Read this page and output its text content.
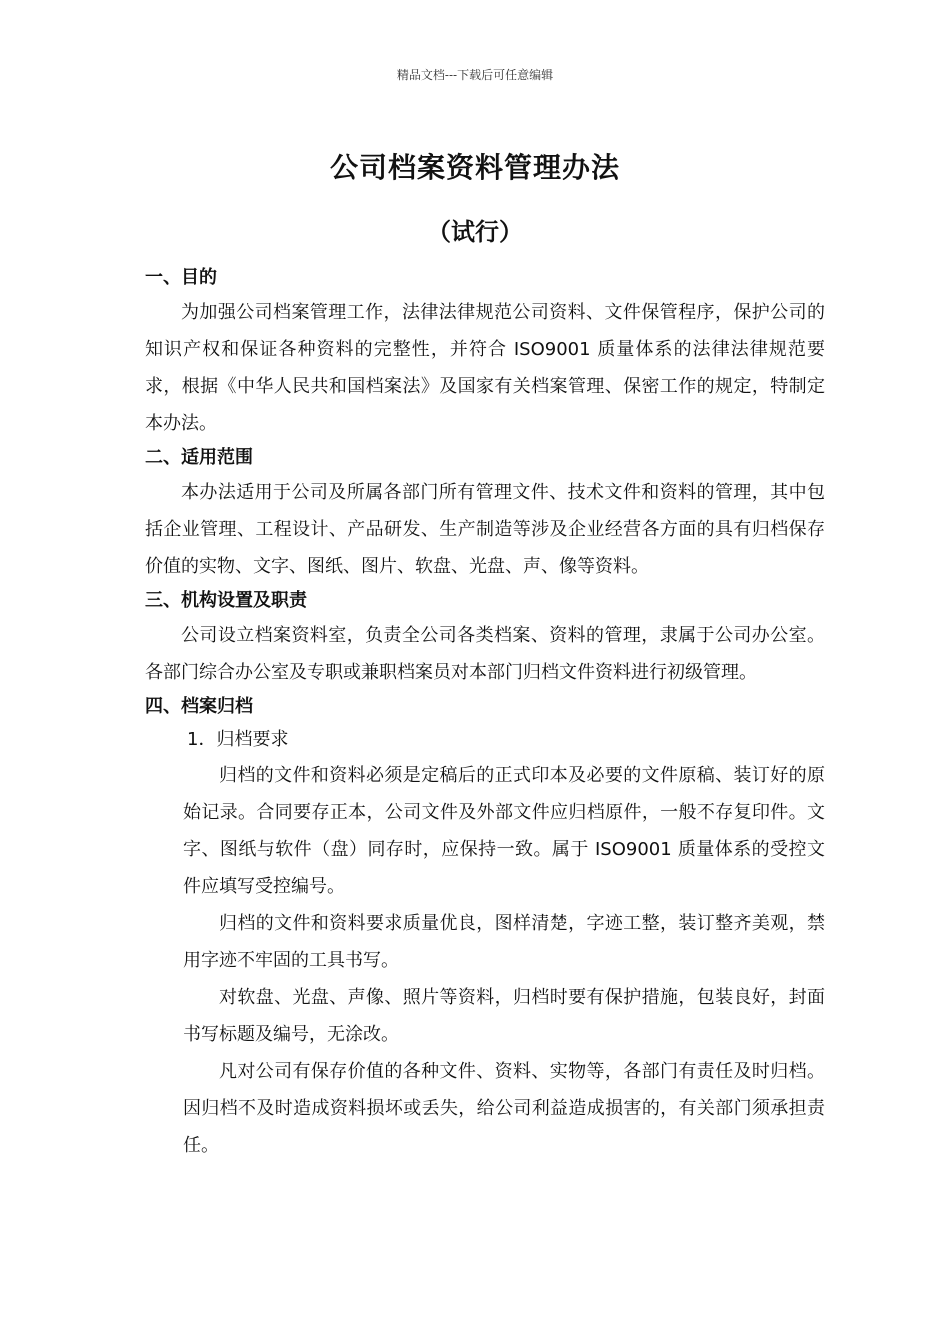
精品文档---下载后可任意编辑
公司档案资料管理办法
（试行）
一、目的

为加强公司档案管理工作，法律法律规范公司资料、文件保管程序，保护公司的知识产权和保证各种资料的完整性，并符合 ISO9001 质量体系的法律法律规范要求，根据《中华人民共和国档案法》及国家有关档案管理、保密工作的规定，特制定本办法。

二、适用范围

本办法适用于公司及所属各部门所有管理文件、技术文件和资料的管理，其中包括企业管理、工程设计、产品研发、生产制造等涉及企业经营各方面的具有归档保存价值的实物、文字、图纸、图片、软盘、光盘、声、像等资料。

三、机构设置及职责

公司设立档案资料室，负责全公司各类档案、资料的管理，隶属于公司办公室。各部门综合办公室及专职或兼职档案员对本部门归档文件资料进行初级管理。

四、档案归档

1．归档要求

归档的文件和资料必须是定稿后的正式印本及必要的文件原稿、装订好的原始记录。合同要存正本，公司文件及外部文件应归档原件，一般不存复印件。文字、图纸与软件（盘）同存时，应保持一致。属于 ISO9001 质量体系的受控文件应填写受控编号。

归档的文件和资料要求质量优良，图样清楚，字迹工整，装订整齐美观，禁用字迹不牢固的工具书写。

对软盘、光盘、声像、照片等资料，归档时要有保护措施，包装良好，封面书写标题及编号，无涂改。

凡对公司有保存价值的各种文件、资料、实物等，各部门有责任及时归档。因归档不及时造成资料损坏或丢失，给公司利益造成损害的，有关部门须承担责任。
